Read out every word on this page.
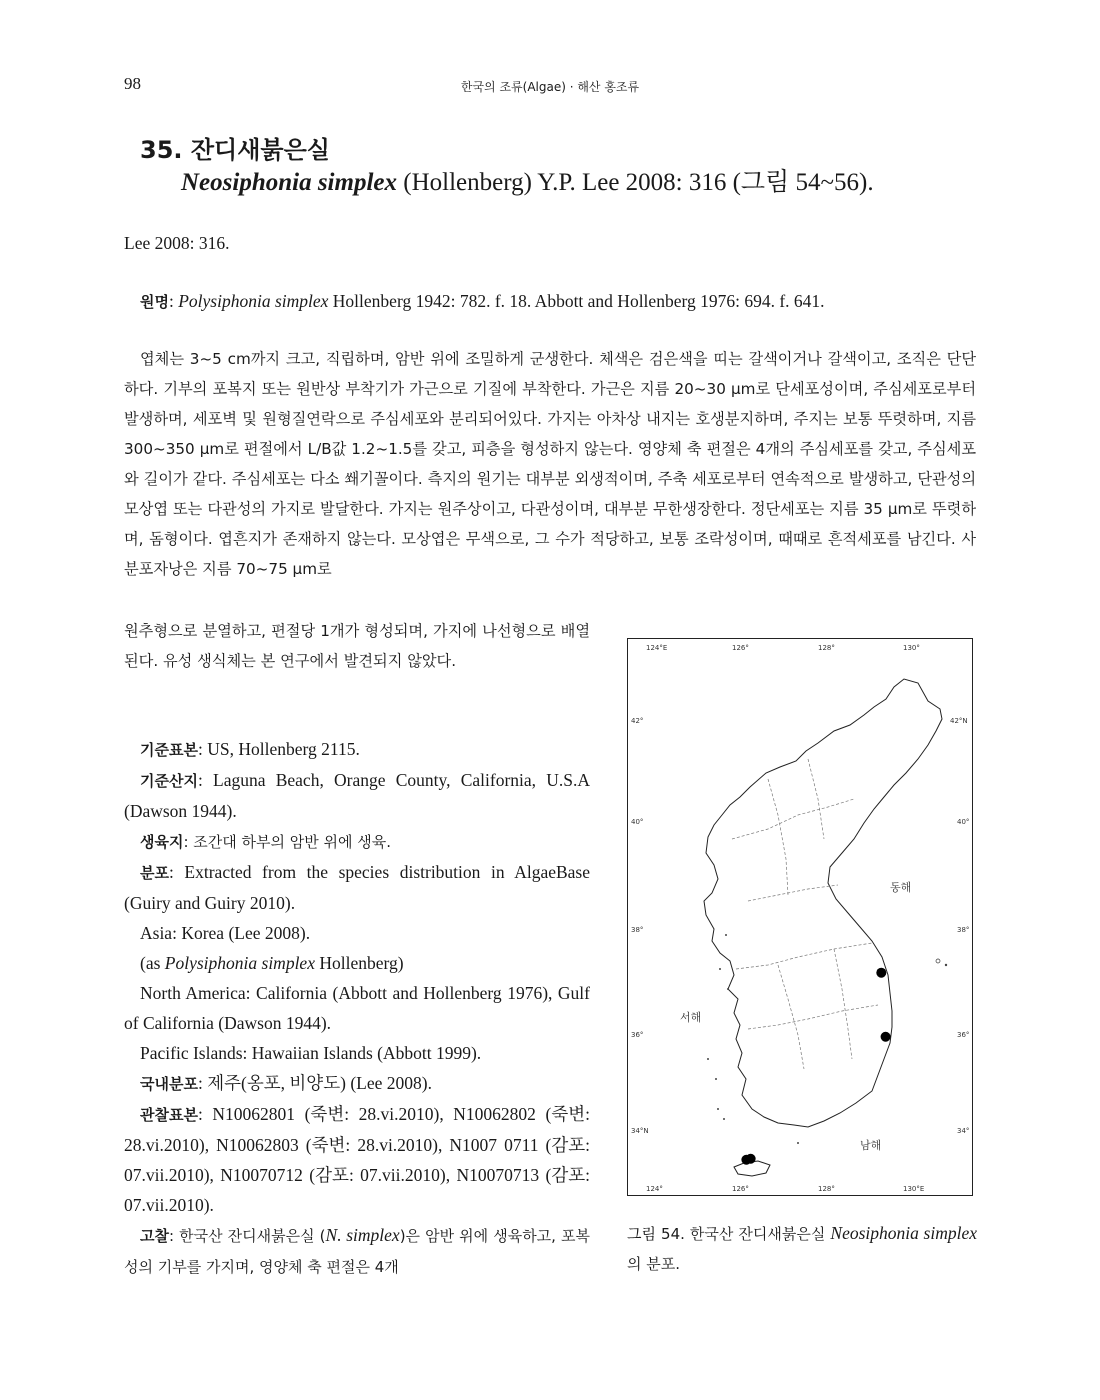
98	한국의 조류(Algae) · 해산 홍조류
35. 잔디새붉은실
Neosiphonia simplex (Hollenberg) Y.P. Lee 2008: 316 (그림 54~56).
Lee 2008: 316.
원명: Polysiphonia simplex Hollenberg 1942: 782. f. 18. Abbott and Hollenberg 1976: 694. f. 641.

엽체는 3~5 cm까지 크고, 직립하며, 암반 위에 조밀하게 군생한다. 체색은 검은색을 띠는 갈색이거나 갈색이고, 조직은 단단하다. 기부의 포복지 또는 원반상 부착기가 가근으로 기질에 부착한다. 가근은 지름 20~30 μm로 단세포성이며, 주심세포로부터 발생하며, 세포벽 및 원형질연락으로 주심세포와 분리되어있다. 가지는 아차상 내지는 호생분지하며, 주지는 보통 뚜렷하며, 지름 300~350 μm로 편절에서 L/B값 1.2~1.5를 갖고, 피층을 형성하지 않는다. 영양체 축 편절은 4개의 주심세포를 갖고, 주심세포와 길이가 같다. 주심세포는 다소 쐐기꼴이다. 측지의 원기는 대부분 외생적이며, 주축 세포로부터 연속적으로 발생하고, 단관성의 모상엽 또는 다관성의 가지로 발달한다. 가지는 원주상이고, 다관성이며, 대부분 무한생장한다. 정단세포는 지름 35 μm로 뚜렷하며, 돔형이다. 엽흔지가 존재하지 않는다. 모상엽은 무색으로, 그 수가 적당하고, 보통 조락성이며, 때때로 흔적세포를 남긴다. 사분포자낭은 지름 70~75 μm로

원추형으로 분열하고, 편절당 1개가 형성되며, 가지에 나선형으로 배열된다. 유성 생식체는 본 연구에서 발견되지 않았다.

기준표본: US, Hollenberg 2115.

기준산지: Laguna Beach, Orange County, California, U.S.A (Dawson 1944).

생육지: 조간대 하부의 암반 위에 생육.

분포: Extracted from the species distribution in AlgaeBase (Guiry and Guiry 2010).

Asia: Korea (Lee 2008).

(as Polysiphonia simplex Hollenberg)

North America: California (Abbott and Hollenberg 1976), Gulf of California (Dawson 1944).

Pacific Islands: Hawaiian Islands (Abbott 1999).

국내분포: 제주(옹포, 비양도) (Lee 2008).

관찰표본: N10062801 (죽변: 28.vi.2010), N10062802 (죽변: 28.vi.2010), N10062803 (죽변: 28.vi.2010), N1007 0711 (감포: 07.vii.2010), N10070712 (감포: 07.vii.2010), N10070713 (감포: 07.vii.2010).

고찰: 한국산 잔디새붉은실 (N. simplex)은 암반 위에 생육하고, 포복성의 기부를 가지며, 영양체 축 편절은 4개

124°E	126°	128°	130°
124°	126°	128°	130°E
42°
40°
38°
36°
34°N
42°N
40°
38°
36°
34°
동해
서해
남해
그림 54. 한국산 잔디새붉은실 Neosiphonia simplex의 분포.
